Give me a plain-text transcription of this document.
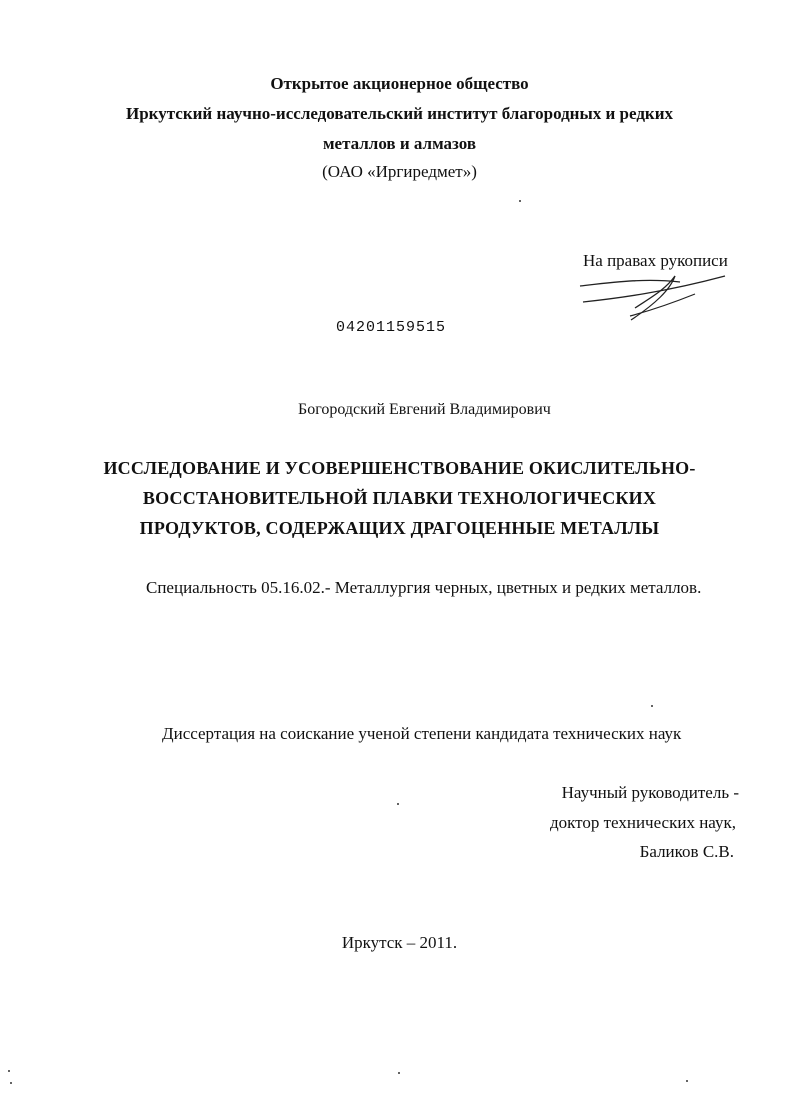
Открытое акционерное общество
Иркутский научно-исследовательский институт благородных и редких
металлов и алмазов
(ОАО «Иргиредмет»)
На правах рукописи
04201159515
Богородский Евгений Владимирович
ИССЛЕДОВАНИЕ И УСОВЕРШЕНСТВОВАНИЕ ОКИСЛИТЕЛЬНО-
ВОССТАНОВИТЕЛЬНОЙ ПЛАВКИ ТЕХНОЛОГИЧЕСКИХ
ПРОДУКТОВ, СОДЕРЖАЩИХ ДРАГОЦЕННЫЕ МЕТАЛЛЫ
Специальность 05.16.02.- Металлургия черных, цветных и редких металлов.
Диссертация на соискание ученой степени кандидата технических наук
Научный руководитель -
доктор технических наук,
Баликов С.В.
Иркутск – 2011.
